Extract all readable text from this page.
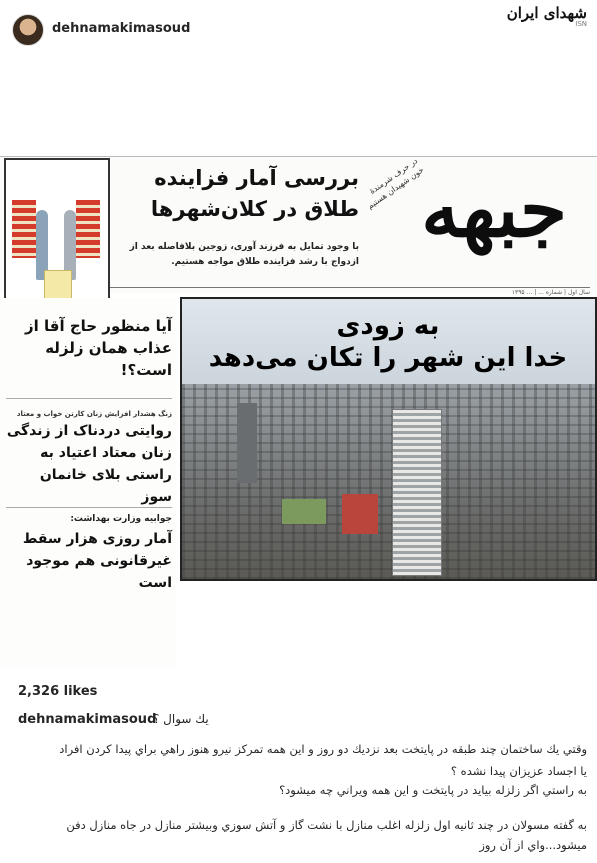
dehnamakimasoud
شهدای ایران
ISN
بررسی آمار فزاینده طلاق در کلان‌شهرها
با وجود تمایل به فرزند آوری، زوجین بلافاصله بعد از ازدواج با رشد فزاینده طلاق مواجه هستیم.
جبهه
در حرف شرمندهٔ خون شهیدان هستیم
سال اول | شماره ... | ... ۱۳۹۵
آیا منظور حاج آقا از عذاب همان زلزله است؟!
زنگ هشدار افزایش زنان کارتن خواب و معتاد
روایتی دردناک از زندگی زنان معتاد اعتیاد به راستی بلای خانمان سوز
جوابیه وزارت بهداشت:
آمار روزی هزار سقط غیرقانونی هم موجود است
به زودی
خدا این شهر را تکان می‌دهد
2,326 likes
dehnamakimasoud
يك سوال ؟
وقتي يك ساختمان چند طبقه در پايتخت بعد نزديك دو روز و اين همه تمركز نيرو هنوز راهي براي پيدا كردن افراد
يا اجساد عزيزان پيدا نشده ؟
به راستي اگر زلزله بيايد در پايتخت و اين همه ويراني چه ميشود؟
به گفته مسولان در چند ثانيه اول زلزله اغلب منازل با نشت گاز و آتش سوزي وبيشتر منازل در جاه منازل دفن
ميشود...واي از آن روز
